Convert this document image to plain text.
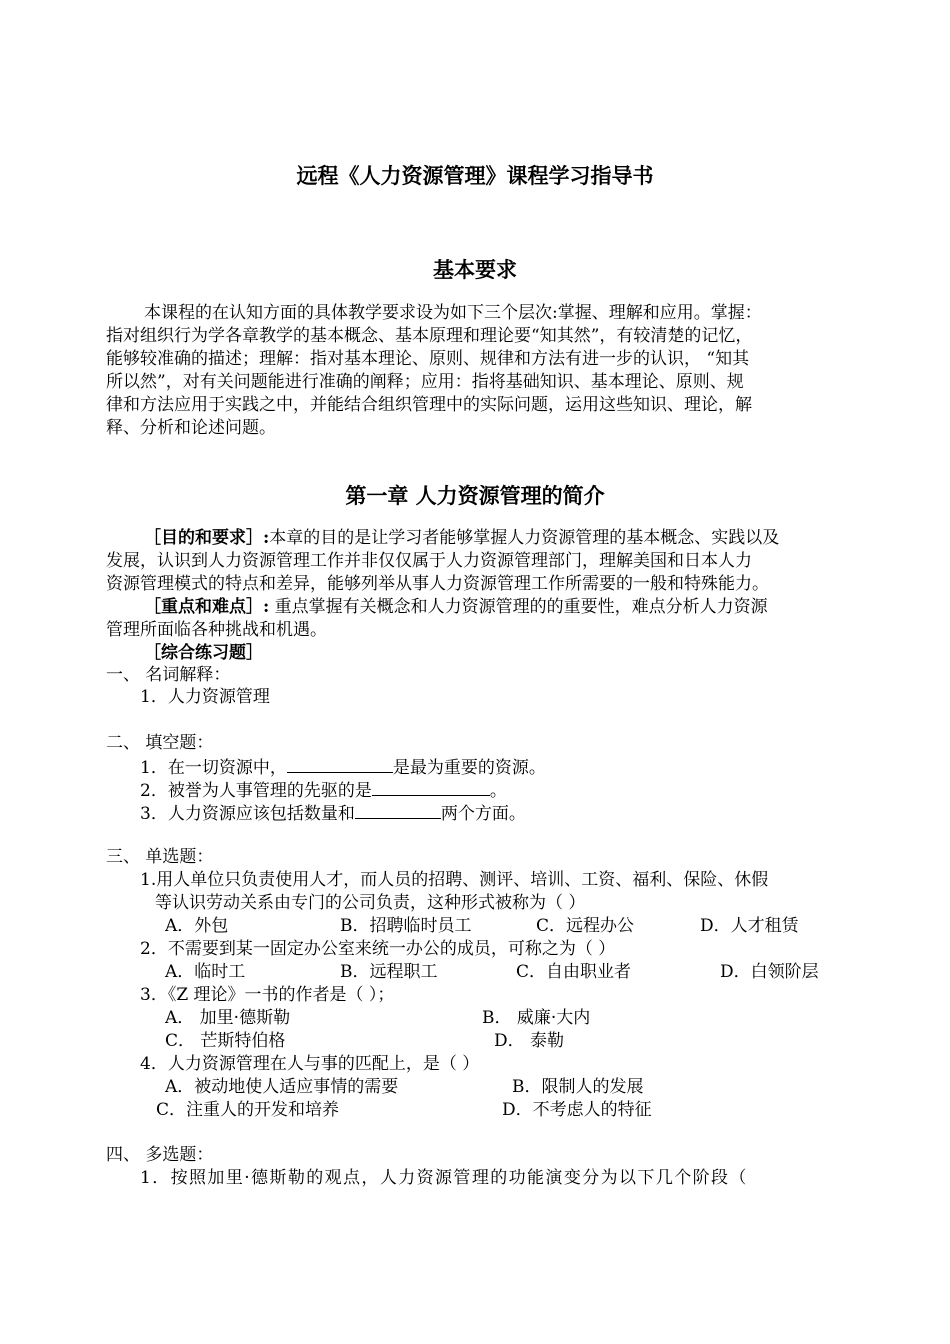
远程《人力资源管理》课程学习指导书
基本要求
本课程的在认知方面的具体教学要求设为如下三个层次:掌握、理解和应用。掌握：
指对组织行为学各章教学的基本概念、基本原理和理论要“知其然”，有较清楚的记忆，
能够较准确的描述；理解：指对基本理论、原则、规律和方法有进一步的认识， “知其
所以然”，对有关问题能进行准确的阐释；应用：指将基础知识、基本理论、原则、规
律和方法应用于实践之中，并能结合组织管理中的实际问题，运用这些知识、理论，解
释、分析和论述问题。
第一章 人力资源管理的简介
［目的和要求］:本章的目的是让学习者能够掌握人力资源管理的基本概念、实践以及
发展，认识到人力资源管理工作并非仅仅属于人力资源管理部门，理解美国和日本人力
资源管理模式的特点和差异，能够列举从事人力资源管理工作所需要的一般和特殊能力。
［重点和难点］: 重点掌握有关概念和人力资源管理的的重要性，难点分析人力资源
管理所面临各种挑战和机遇。
［综合练习题］
一、 名词解释：
1．人力资源管理
二、 填空题：
1．在一切资源中，	是最为重要的资源。
2．被誉为人事管理的先驱的是	。
3．人力资源应该包括数量和	两个方面。
三、 单选题：
1.用人单位只负责使用人才，而人员的招聘、测评、培训、工资、福利、保险、休假
等认识劳动关系由专门的公司负责，这种形式被称为（ ）
A．外包	B．招聘临时员工	C．远程办公	D．人才租赁
2．不需要到某一固定办公室来统一办公的成员，可称之为（ ）
A．临时工	B．远程职工	C．自由职业者	D．白领阶层
3．《Z 理论》一书的作者是（ ）；
A． 加里·德斯勒	B． 威廉·大内
C． 芒斯特伯格	D． 泰勒
4．人力资源管理在人与事的匹配上，是（ ）
A．被动地使人适应事情的需要	B．限制人的发展
C．注重人的开发和培养	D．不考虑人的特征
四、 多选题：
1．按照加里·德斯勒的观点，人力资源管理的功能演变分为以下几个阶段（
